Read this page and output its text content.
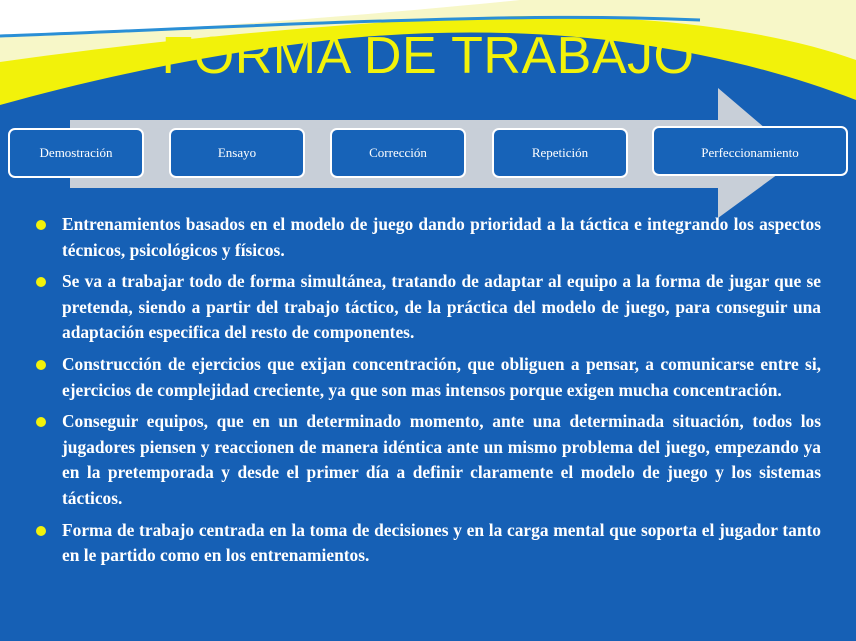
FORMA DE TRABAJO
Demostración	Ensayo	Corrección	Repetición	Perfeccionamiento
Entrenamientos basados en el modelo de juego dando prioridad a la táctica e integrando los aspectos técnicos, psicológicos y físicos.
Se va a trabajar todo de forma simultánea, tratando de adaptar al equipo a la forma de jugar que se pretenda, siendo a partir del trabajo táctico, de la práctica del modelo de juego, para conseguir una adaptación especifica del resto de componentes.
Construcción de ejercicios que exijan concentración, que obliguen a pensar, a comunicarse entre si, ejercicios de complejidad creciente, ya que son mas intensos porque exigen mucha concentración.
Conseguir equipos, que en un determinado momento, ante una determinada situación, todos los jugadores piensen y reaccionen de manera idéntica ante un mismo problema del juego, empezando ya en la pretemporada y desde el primer día a definir claramente el modelo de juego y los sistemas tácticos.
Forma de trabajo centrada en la toma de decisiones y en la carga mental que soporta el jugador tanto en le partido como en los entrenamientos.
